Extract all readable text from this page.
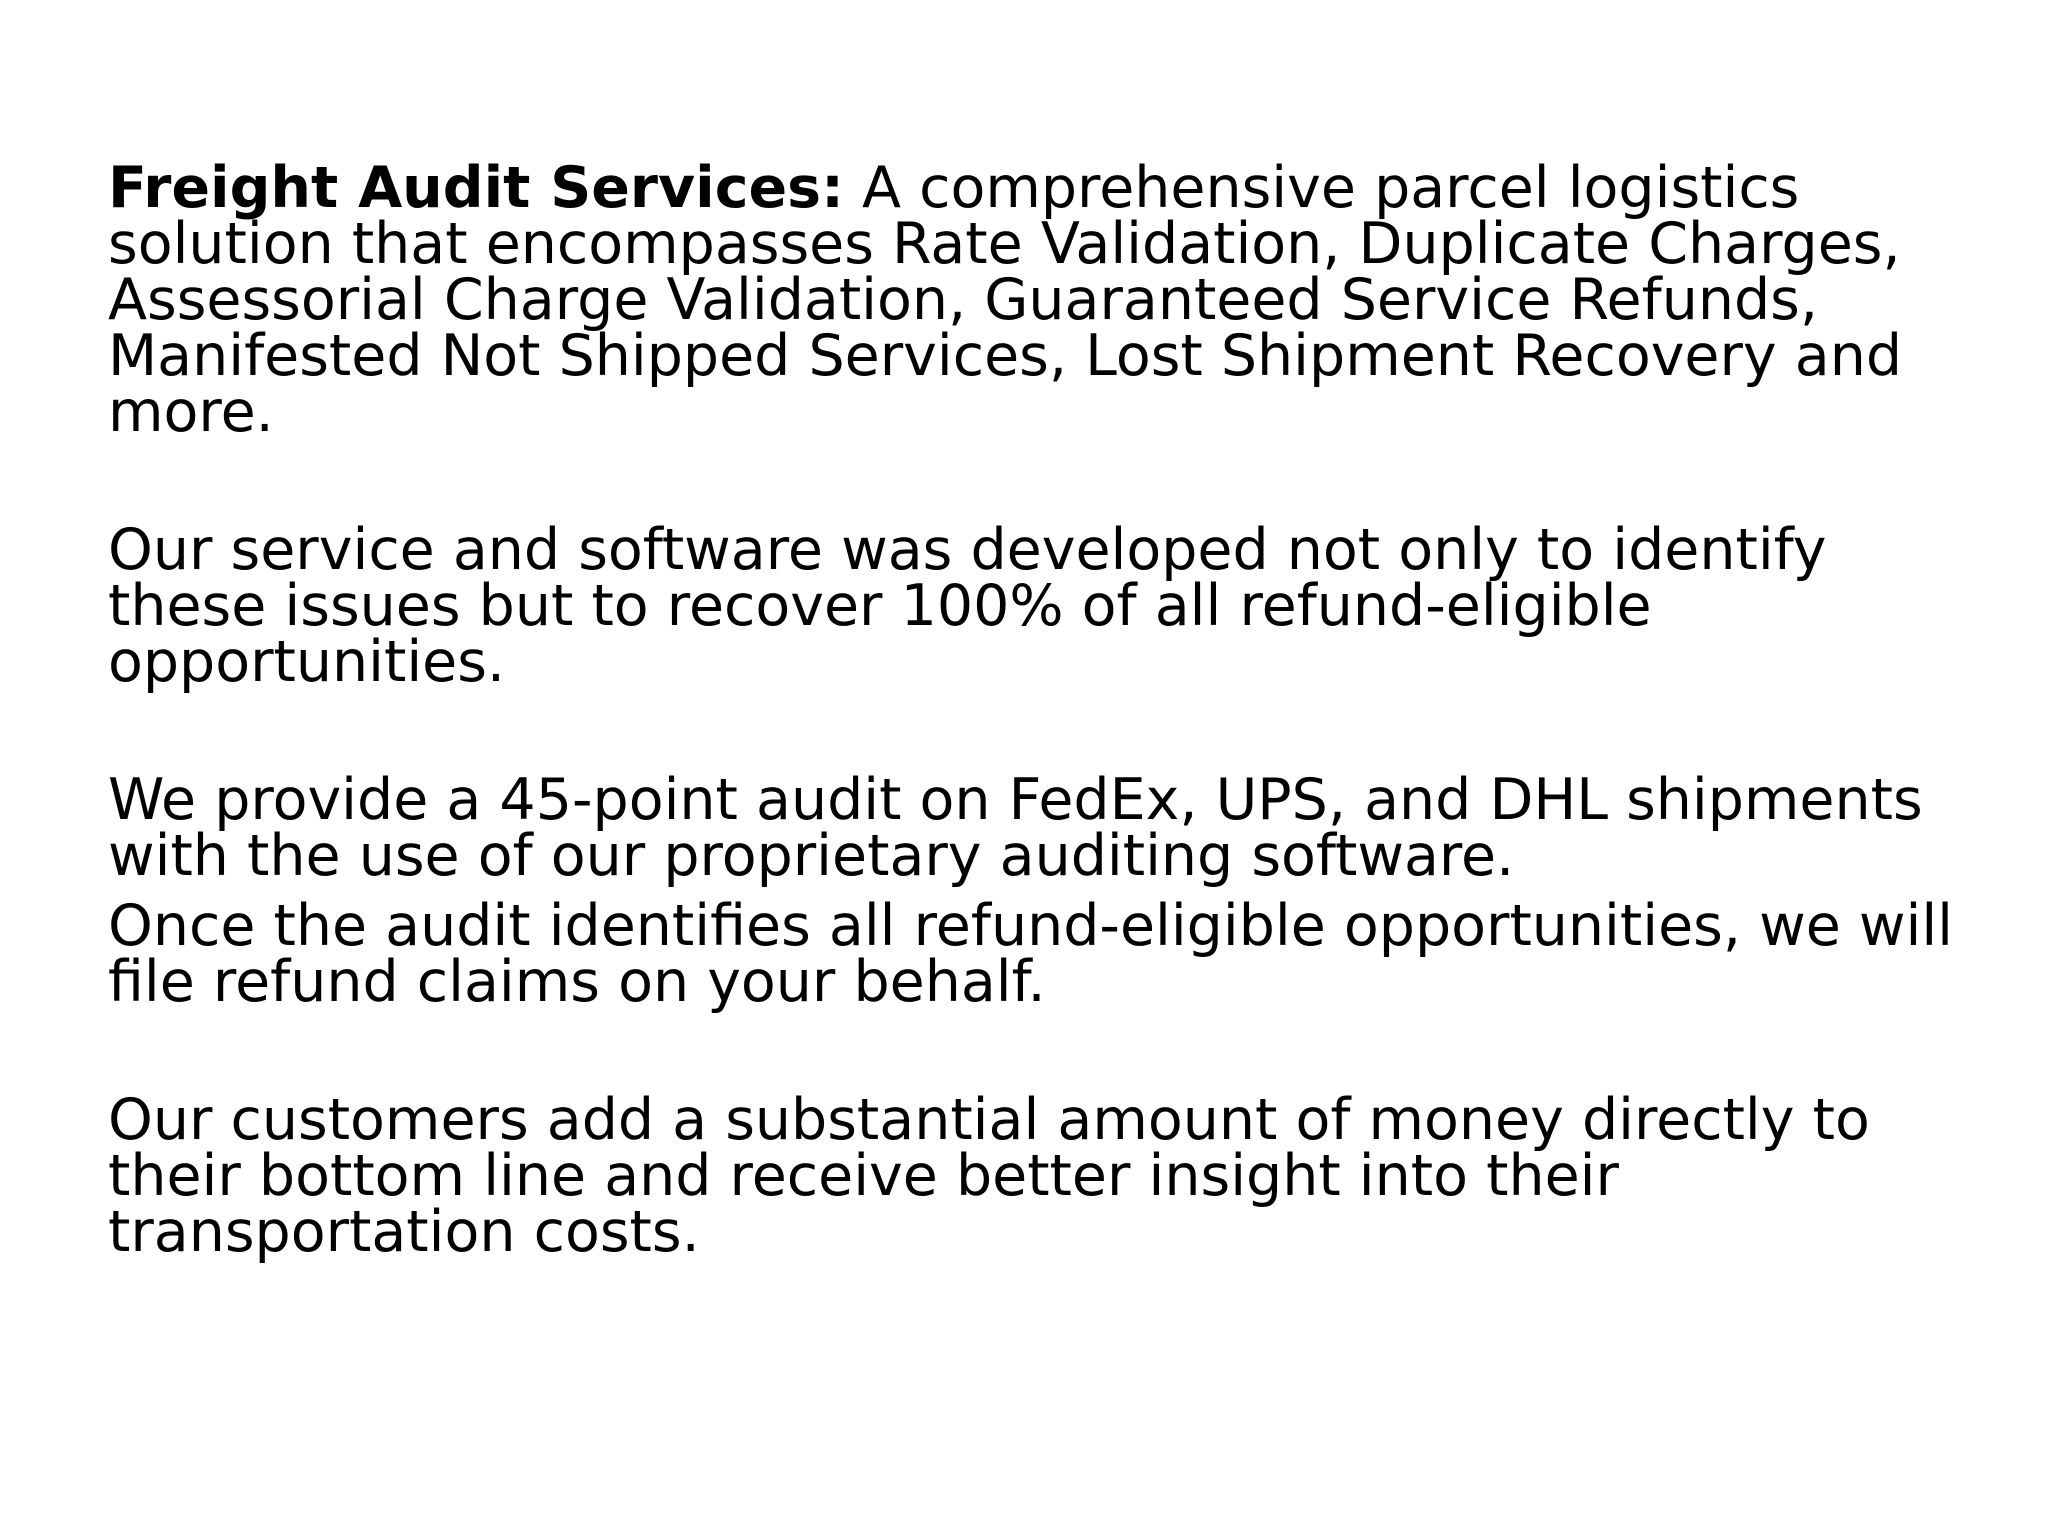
Freight Audit Services: A comprehensive parcel logistics solution that encompasses Rate Validation, Duplicate Charges, Assessorial Charge Validation, Guaranteed Service Refunds, Manifested Not Shipped Services, Lost Shipment Recovery and more.

Our service and software was developed not only to identify these issues but to recover 100% of all refund-eligible opportunities.

We provide a 45-point audit on FedEx, UPS, and DHL shipments with the use of our proprietary auditing software.

Once the audit identifies all refund-eligible opportunities, we will file refund claims on your behalf.

Our customers add a substantial amount of money directly to their bottom line and receive better insight into their transportation costs.
